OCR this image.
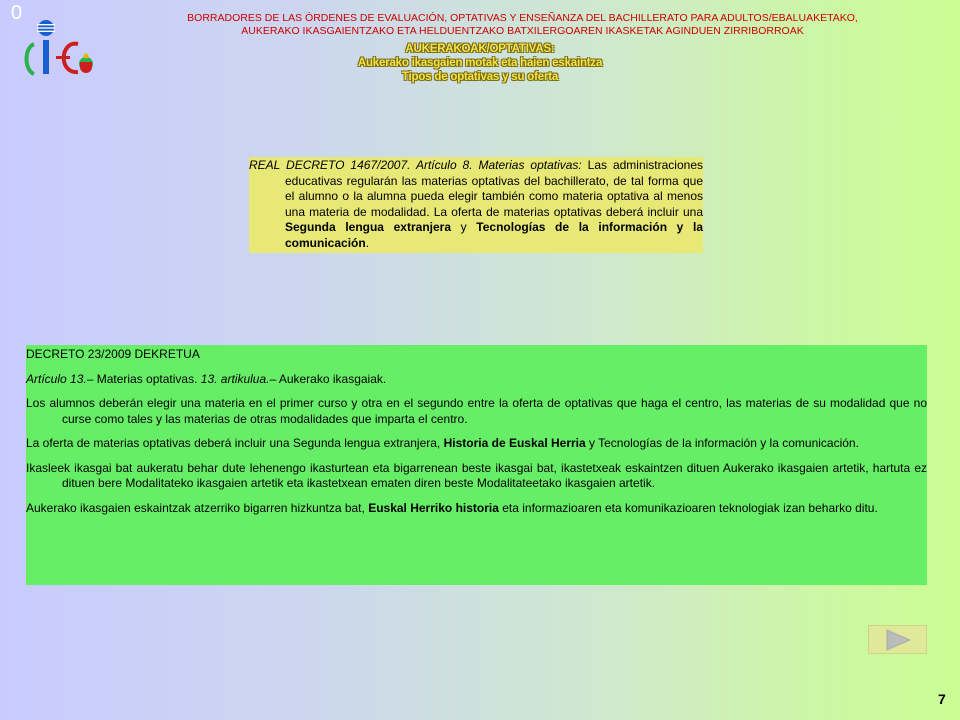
0	BORRADORES DE LAS ÓRDENES DE EVALUACIÓN, OPTATIVAS Y ENSEÑANZA DEL BACHILLERATO PARA ADULTOS/EBALUAKETAKO,
AUKERAKO IKASGAIENTZAKO ETA HELDUENTZAKO BATXILERGOAREN IKASKETAK AGINDUEN ZIRRIBORROAK
AUKERAKOAK/OPTATIVAS:
Aukerako ikasgaien motak eta haien eskaintza
Tipos de optativas y su oferta

REAL DECRETO 1467/2007. Artículo 8. Materias optativas: Las administraciones educativas regularán las materias optativas del bachillerato, de tal forma que el alumno o la alumna pueda elegir también como materia optativa al menos una materia de modalidad. La oferta de materias optativas deberá incluir una Segunda lengua extranjera y Tecnologías de la información y la comunicación.

DECRETO 23/2009 DEKRETUA

Artículo 13.– Materias optativas. 13. artikulua.– Aukerako ikasgaiak.

Los alumnos deberán elegir una materia en el primer curso y otra en el segundo entre la oferta de optativas que haga el centro, las materias de su modalidad que no curse como tales y las materias de otras modalidades que imparta el centro.

La oferta de materias optativas deberá incluir una Segunda lengua extranjera, Historia de Euskal Herria y Tecnologías de la información y la comunicación.

Ikasleek ikasgai bat aukeratu behar dute lehenengo ikasturtean eta bigarrenean beste ikasgai bat, ikastetxeak eskaintzen dituen Aukerako ikasgaien artetik, hartuta ez dituen bere Modalitateko ikasgaien artetik eta ikastetxean ematen diren beste Modalitateetako ikasgaien artetik.

Aukerako ikasgaien eskaintzak atzerriko bigarren hizkuntza bat, Euskal Herriko historia eta informazioaren eta komunikazioaren teknologiak izan beharko ditu.

7
